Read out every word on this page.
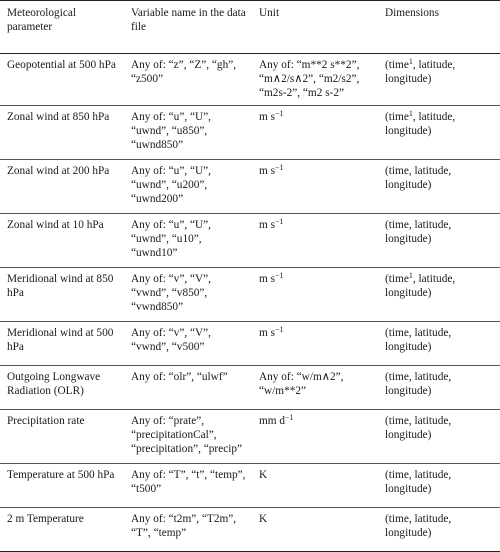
Meteorological parameter	Variable name in the data file	Unit	Dimensions
Geopotential at 500 hPa	Any of: “z”, “Z”, “gh”, “z500”	Any of: “m**2 s**2”, “m∧2/s∧2”, “m2/s2”, “m2s-2”, “m2 s-2”	(time$^1$, latitude, longitude)
Zonal wind at 850 hPa	Any of: “u”, “U”, “uwnd”, “u850”, “uwnd850”	m $s^{-1}$	(time$^1$, latitude, longitude)
Zonal wind at 200 hPa	Any of: “u”, “U”, “uwnd”, “u200”, “uwnd200”	m $s^{-1}$	(time, latitude, longitude)
Zonal wind at 10 hPa	Any of: “u”, “U”, “uwnd”, “u10”, “uwnd10”	m $s^{-1}$	(time, latitude, longitude)
Meridional wind at 850 hPa	Any of: “v”, “V”, “vwnd”, “v850”, “vwnd850”	m $s^{-1}$	(time$^1$, latitude, longitude)
Meridional wind at 500 hPa	Any of: “v”, “V”, “vwnd”, “v500”	m $s^{-1}$	(time, latitude, longitude)
Outgoing Longwave Radiation (OLR)	Any of: “olr”, “ulwf”	Any of: “w/m∧2”, “w/m**2”	(time, latitude, longitude)
Precipitation rate	Any of: “prate”, “precipitationCal”, “precipitation”, “precip”	mm $d^{-1}$	(time, latitude, longitude)
Temperature at 500 hPa	Any of: “T”, “t”, “temp”, “t500”	K	(time, latitude, longitude)
2 m Temperature	Any of: “t2m”, “T2m”, “T”, “temp”	K	(time, latitude, longitude)
